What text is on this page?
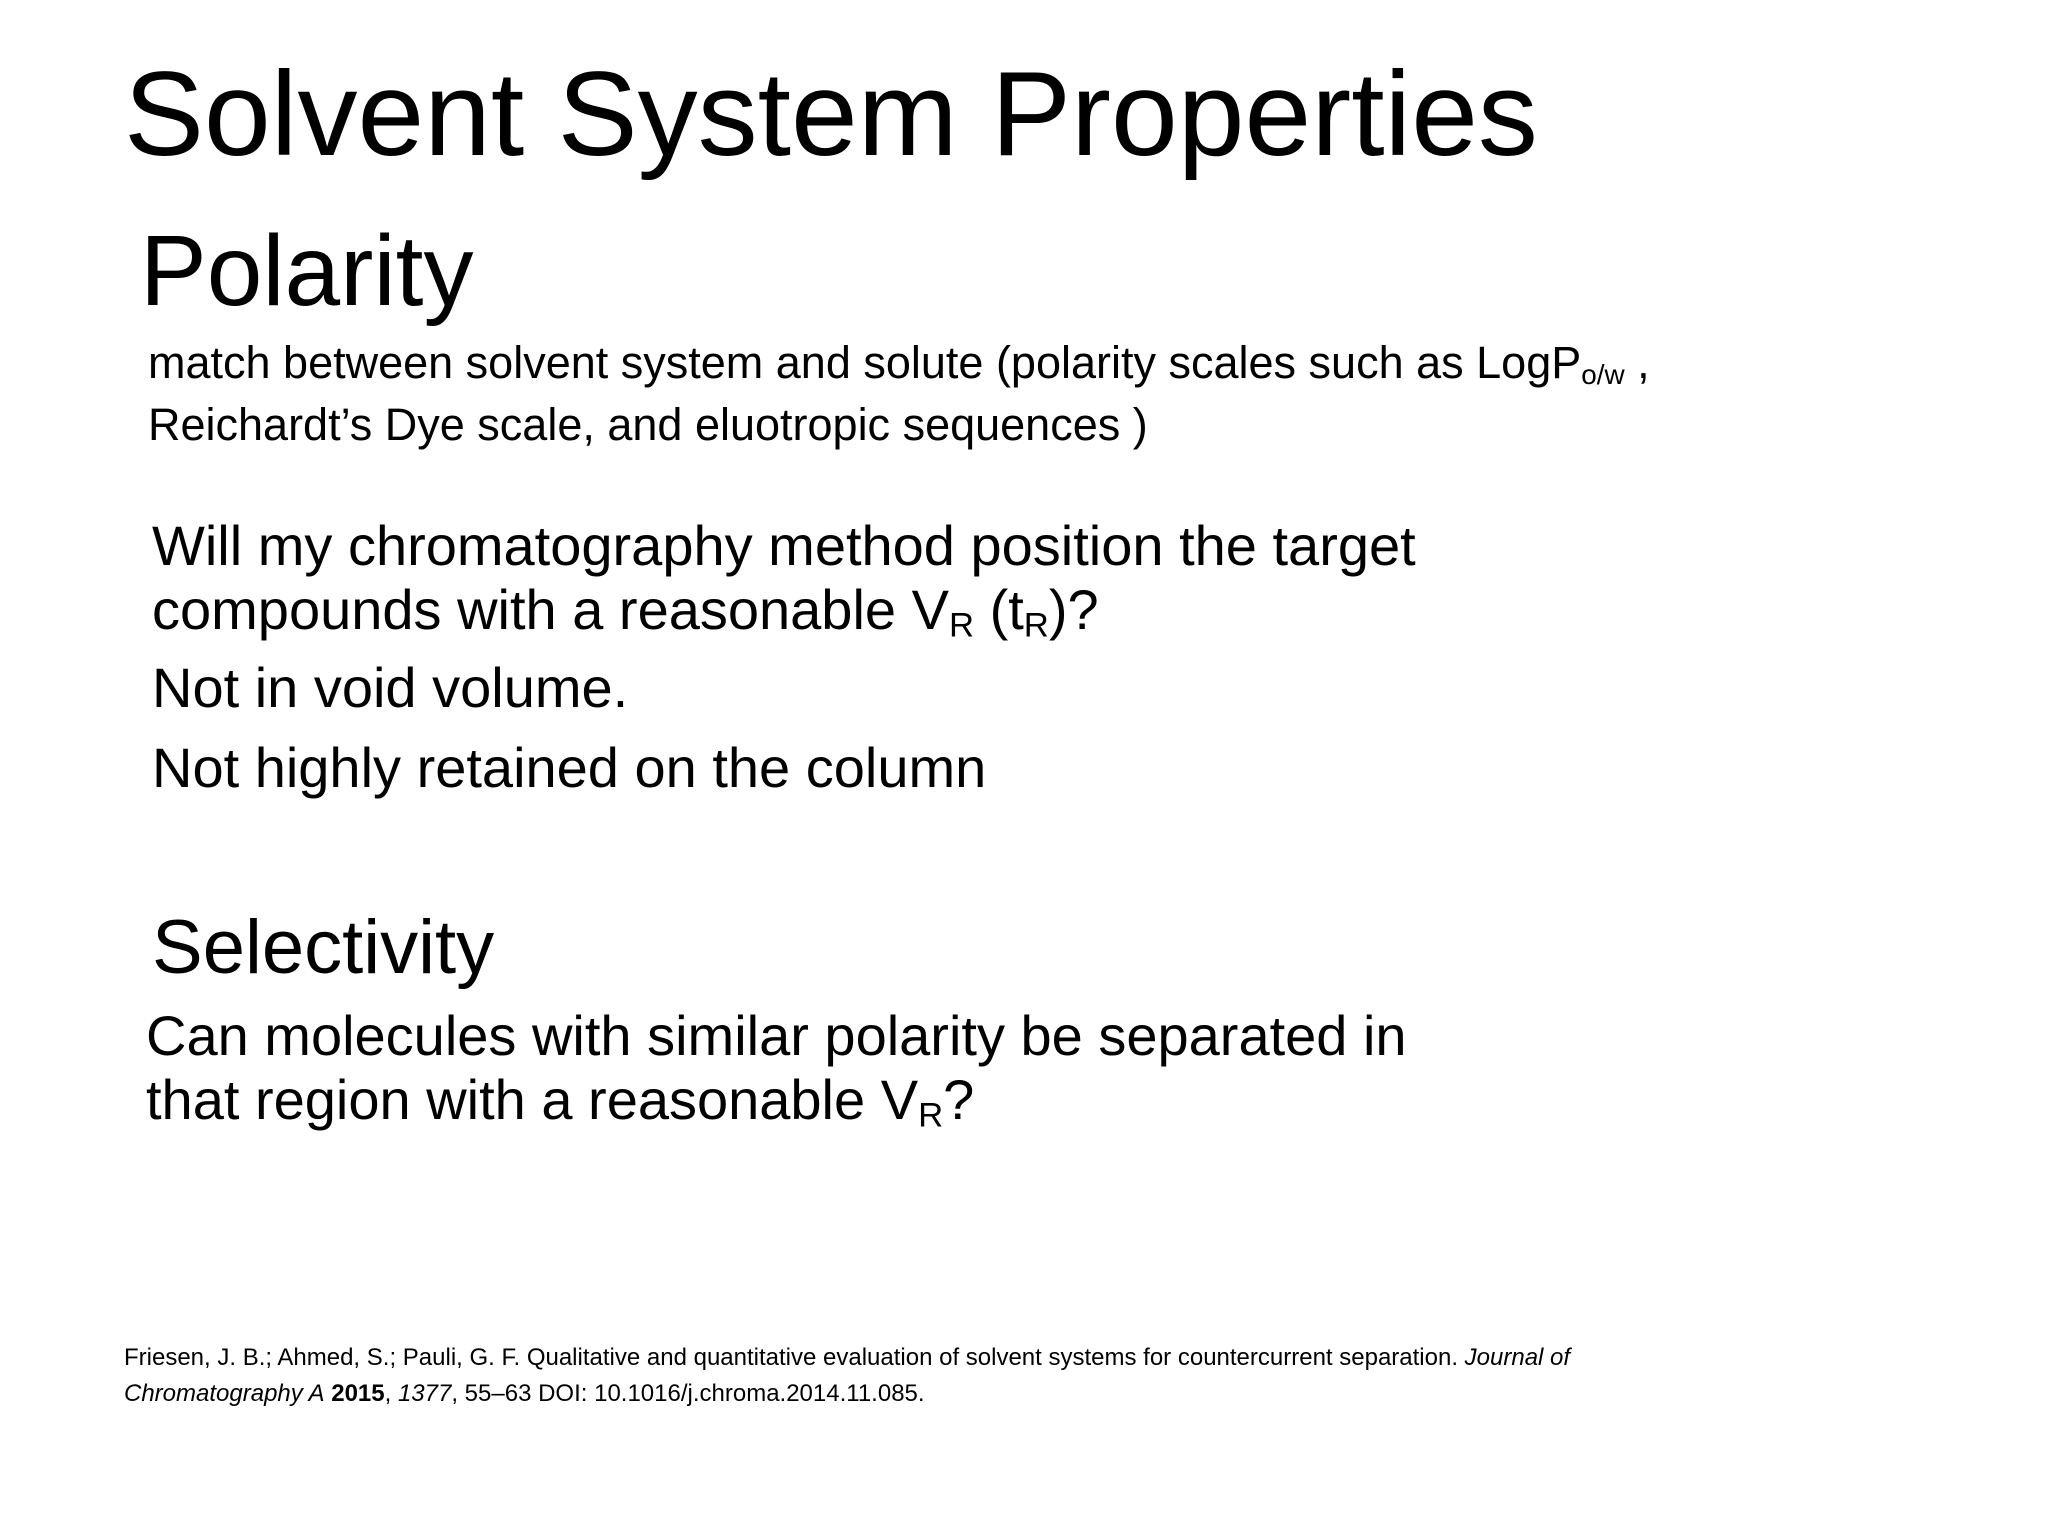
Solvent System Properties
Polarity
match between solvent system and solute (polarity scales such as LogP$_{o/w}$ ,
Reichardt’s Dye scale, and eluotropic sequences )
Will my chromatography method position the target
compounds with a reasonable $V_R$ $(t_R)$?
Not in void volume.
Not highly retained on the column
Selectivity
Can molecules with similar polarity be separated in
that region with a reasonable $V_R$?
Friesen, J. B.; Ahmed, S.; Pauli, G. F. Qualitative and quantitative evaluation of solvent systems for countercurrent separation. Journal of
Chromatography A 2015, 1377, 55–63 DOI: 10.1016/j.chroma.2014.11.085.
